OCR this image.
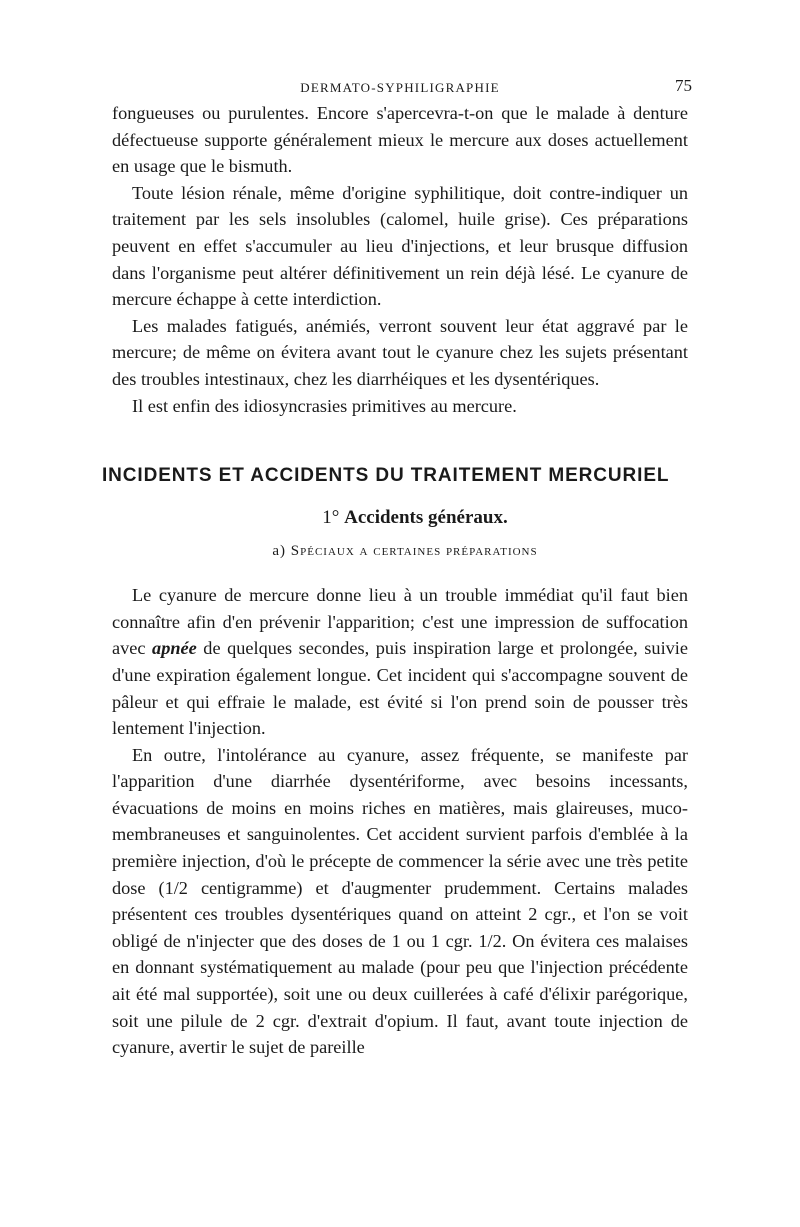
DERMATO-SYPHILIGRAPHIE	75

fongueuses ou purulentes. Encore s'apercevra-t-on que le malade à denture défectueuse supporte généralement mieux le mercure aux doses actuellement en usage que le bismuth.

Toute lésion rénale, même d'origine syphilitique, doit contre-indiquer un traitement par les sels insolubles (calomel, huile grise). Ces préparations peuvent en effet s'accumuler au lieu d'injections, et leur brusque diffusion dans l'organisme peut altérer définitivement un rein déjà lésé. Le cyanure de mercure échappe à cette interdiction.

Les malades fatigués, anémiés, verront souvent leur état aggravé par le mercure; de même on évitera avant tout le cyanure chez les sujets présentant des troubles intestinaux, chez les diarrhéiques et les dysentériques.

Il est enfin des idiosyncrasies primitives au mercure.

INCIDENTS ET ACCIDENTS DU TRAITEMENT MERCURIEL
1° Accidents généraux.
a) Spéciaux a certaines préparations

Le cyanure de mercure donne lieu à un trouble immédiat qu'il faut bien connaître afin d'en prévenir l'apparition; c'est une impression de suffocation avec apnée de quelques secondes, puis inspiration large et prolongée, suivie d'une expiration également longue. Cet incident qui s'accompagne souvent de pâleur et qui effraie le malade, est évité si l'on prend soin de pousser très lentement l'injection.

En outre, l'intolérance au cyanure, assez fréquente, se manifeste par l'apparition d'une diarrhée dysentériforme, avec besoins incessants, évacuations de moins en moins riches en matières, mais glaireuses, muco-membraneuses et sanguinolentes. Cet accident survient parfois d'emblée à la première injection, d'où le précepte de commencer la série avec une très petite dose (1/2 centigramme) et d'augmenter prudemment. Certains malades présentent ces troubles dysentériques quand on atteint 2 cgr., et l'on se voit obligé de n'injecter que des doses de 1 ou 1 cgr. 1/2. On évitera ces malaises en donnant systématiquement au malade (pour peu que l'injection précédente ait été mal supportée), soit une ou deux cuillerées à café d'élixir parégorique, soit une pilule de 2 cgr. d'extrait d'opium. Il faut, avant toute injection de cyanure, avertir le sujet de pareille
